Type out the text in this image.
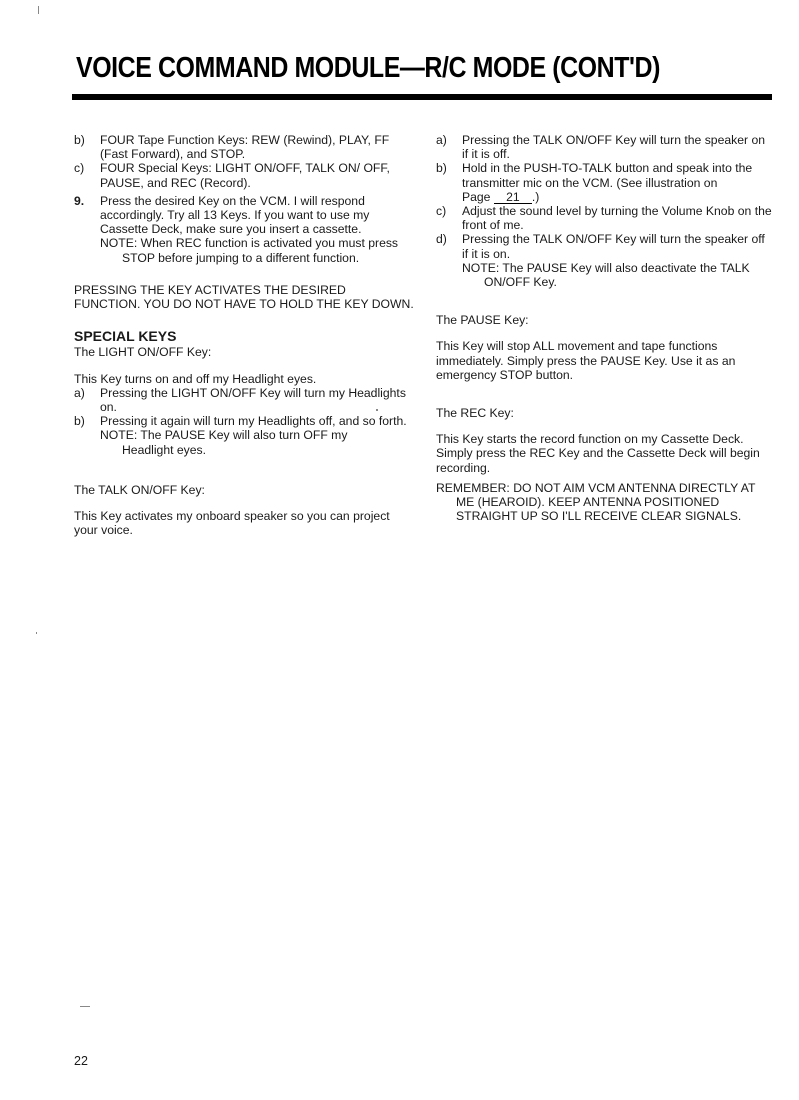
VOICE COMMAND MODULE—R/C MODE (CONT'D)
b)	FOUR Tape Function Keys: REW (Rewind), PLAY, FF (Fast Forward), and STOP.
c)	FOUR Special Keys: LIGHT ON/OFF, TALK ON/ OFF, PAUSE, and REC (Record).
9.	Press the desired Key on the VCM. I will respond accordingly. Try all 13 Keys. If you want to use my Cassette Deck, make sure you insert a cassette.
NOTE: When REC function is activated you must press
STOP before jumping to a different function.

PRESSING THE KEY ACTIVATES THE DESIRED FUNCTION. YOU DO NOT HAVE TO HOLD THE KEY DOWN.

SPECIAL KEYS

The LIGHT ON/OFF Key:

This Key turns on and off my Headlight eyes.

a)	Pressing the LIGHT ON/OFF Key will turn my Headlights on.
b)	Pressing it again will turn my Headlights off, and so forth.
NOTE: The PAUSE Key will also turn OFF my
Headlight eyes.

The TALK ON/OFF Key:

This Key activates my onboard speaker so you can project your voice.

a)	Pressing the TALK ON/OFF Key will turn the speaker on if it is off.
b)	Hold in the PUSH-TO-TALK button and speak into the transmitter mic on the VCM. (See illustration on
Page 21 .)
c)	Adjust the sound level by turning the Volume Knob on the front of me.
d)	Pressing the TALK ON/OFF Key will turn the speaker off if it is on.
NOTE: The PAUSE Key will also deactivate the TALK
ON/OFF Key.

The PAUSE Key:

This Key will stop ALL movement and tape functions immediately. Simply press the PAUSE Key. Use it as an emergency STOP button.

The REC Key:

This Key starts the record function on my Cassette Deck. Simply press the REC Key and the Cassette Deck will begin recording.

REMEMBER: DO NOT AIM VCM ANTENNA DIRECTLY AT
ME (HEAROID). KEEP ANTENNA POSITIONED
STRAIGHT UP SO I'LL RECEIVE CLEAR SIGNALS.
22
